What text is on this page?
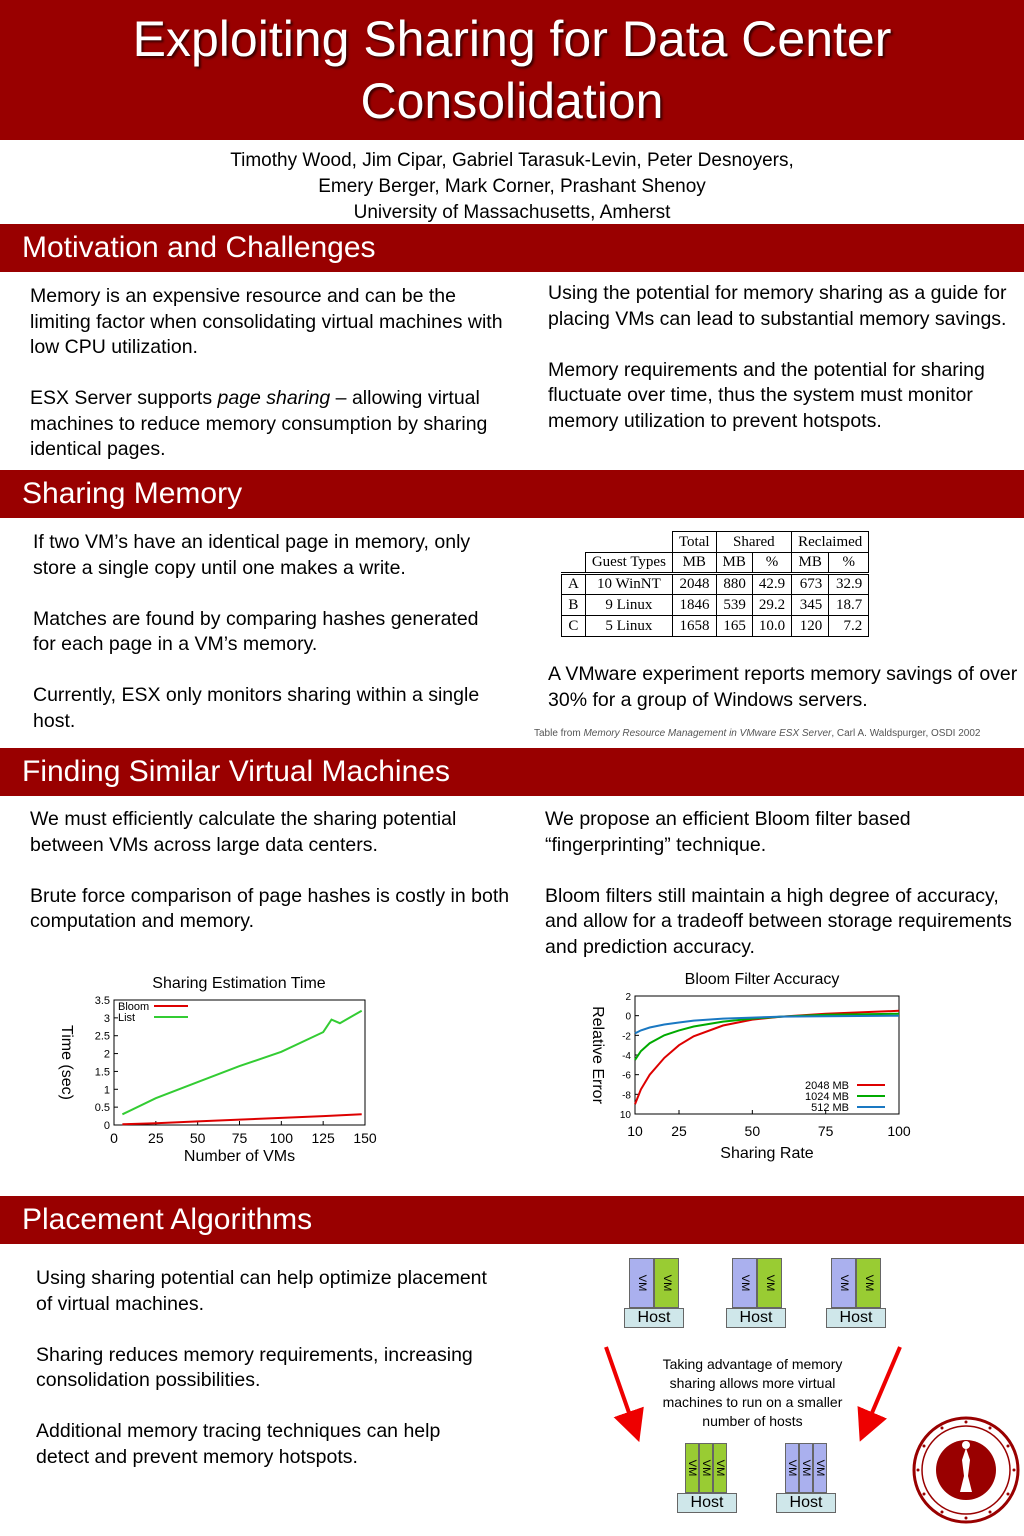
Exploiting Sharing for Data Center Consolidation
Timothy Wood, Jim Cipar, Gabriel Tarasuk-Levin, Peter Desnoyers,
Emery Berger, Mark Corner, Prashant Shenoy
University of Massachusetts, Amherst
Motivation and Challenges

Memory is an expensive resource and can be the limiting factor when consolidating virtual machines with low CPU utilization.

ESX Server supports page sharing – allowing virtual machines to reduce memory consumption by sharing identical pages.

Using the potential for memory sharing as a guide for placing VMs can lead to substantial memory savings.

Memory requirements and the potential for sharing fluctuate over time, thus the system must monitor memory utilization to prevent hotspots.

Sharing Memory

If two VM’s have an identical page in memory, only store a single copy until one makes a write.

Matches are found by comparing hashes generated for each page in a VM’s memory.

Currently, ESX only monitors sharing within a single host.

		Total	Shared		Reclaimed	
	Guest Types	MB	MB	%	MB	%
A	10 WinNT	2048	880	42.9	673	32.9
B	9 Linux	1846	539	29.2	345	18.7
C	5 Linux	1658	165	10.0	120	7.2
A VMware experiment reports memory savings of over 30% for a group of Windows servers.
Table from Memory Resource Management in VMware ESX Server, Carl A. Waldspurger, OSDI 2002
Finding Similar Virtual Machines

We must efficiently calculate the sharing potential between VMs across large data centers.

Brute force comparison of page hashes is costly in both computation and memory.

We propose an efficient Bloom filter based “fingerprinting” technique.

Bloom filters still maintain a high degree of accuracy, and allow for a tradeoff between storage requirements and prediction accuracy.

Sharing Estimation Time
0
0.5
1
1.5
2
2.5
3
3.5
0 25 50 75 100 125 150
Bloom
List
Number of VMs
Time (sec)
Bloom Filter Accuracy
2
0
-2
-4
-6
-8
10
10 25	50	75	100
2048 MB
1024 MB
512 MB
Sharing Rate
Relative Error
Placement Algorithms

Using sharing potential can help optimize placement of virtual machines.

Sharing reduces memory requirements, increasing consolidation possibilities.

Additional memory tracing techniques can help detect and prevent memory hotspots.

VM VM
Host
VM VM
Host
VM VM
Host
Taking advantage of memory sharing allows more virtual machines to run on a smaller number of hosts
VM VM VM
Host
VM VM VM
Host
